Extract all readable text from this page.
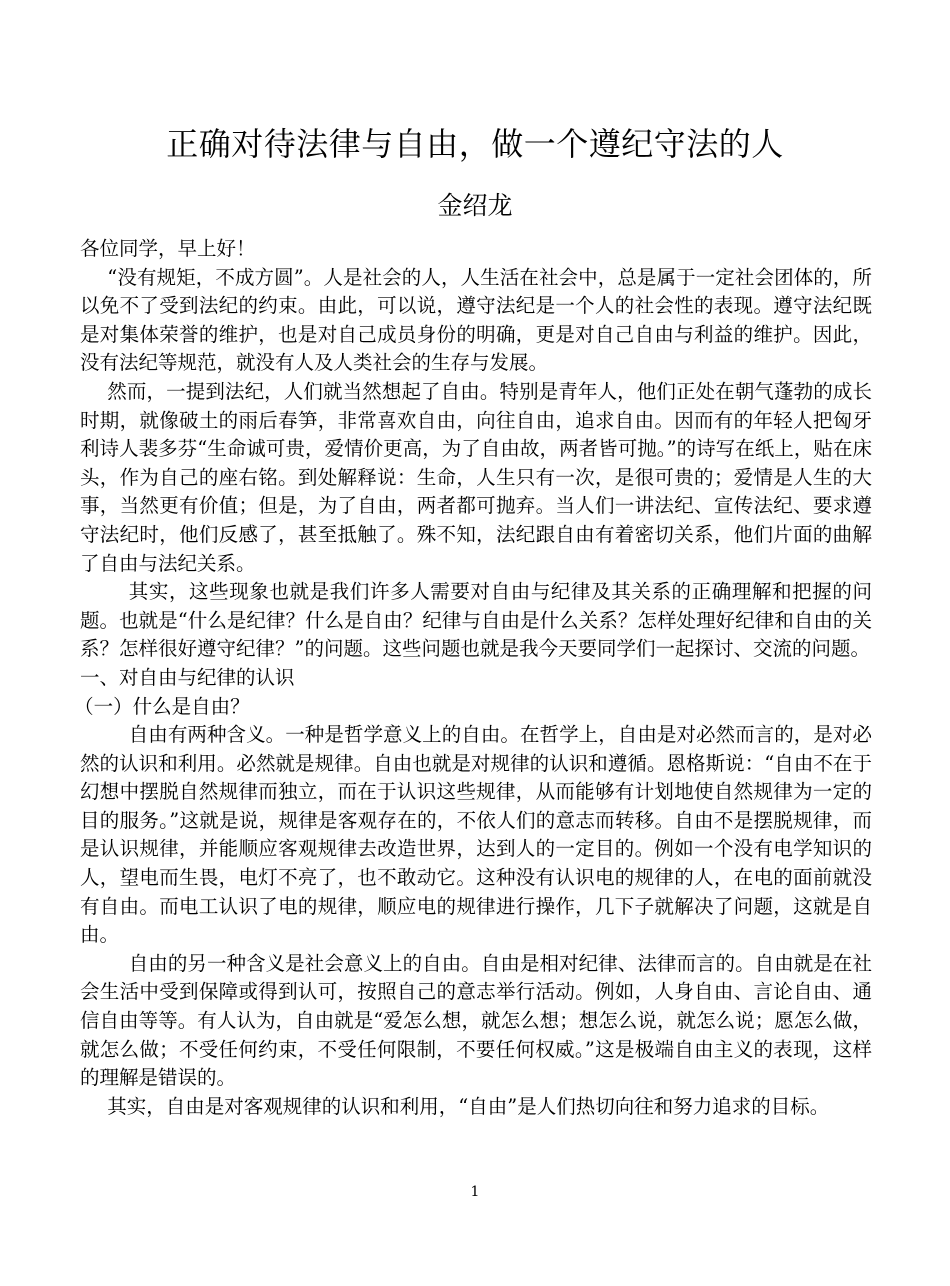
正确对待法律与自由，做一个遵纪守法的人
金绍龙

各位同学，早上好！

“没有规矩，不成方圆”。人是社会的人，人生活在社会中，总是属于一定社会团体的，所以免不了受到法纪的约束。由此，可以说，遵守法纪是一个人的社会性的表现。遵守法纪既是对集体荣誉的维护，也是对自己成员身份的明确，更是对自己自由与利益的维护。因此，没有法纪等规范，就没有人及人类社会的生存与发展。

然而，一提到法纪，人们就当然想起了自由。特别是青年人，他们正处在朝气蓬勃的成长时期，就像破土的雨后春笋，非常喜欢自由，向往自由，追求自由。因而有的年轻人把匈牙利诗人裴多芬“生命诚可贵，爱情价更高，为了自由故，两者皆可抛。”的诗写在纸上，贴在床头，作为自己的座右铭。到处解释说：生命，人生只有一次，是很可贵的；爱情是人生的大事，当然更有价值；但是，为了自由，两者都可抛弃。当人们一讲法纪、宣传法纪、要求遵守法纪时，他们反感了，甚至抵触了。殊不知，法纪跟自由有着密切关系，他们片面的曲解了自由与法纪关系。

其实，这些现象也就是我们许多人需要对自由与纪律及其关系的正确理解和把握的问题。也就是“什么是纪律？什么是自由？纪律与自由是什么关系？怎样处理好纪律和自由的关系？怎样很好遵守纪律？”的问题。这些问题也就是我今天要同学们一起探讨、交流的问题。

一、对自由与纪律的认识

（一）什么是自由？

自由有两种含义。一种是哲学意义上的自由。在哲学上，自由是对必然而言的，是对必然的认识和利用。必然就是规律。自由也就是对规律的认识和遵循。恩格斯说：“自由不在于幻想中摆脱自然规律而独立，而在于认识这些规律，从而能够有计划地使自然规律为一定的目的服务。”这就是说，规律是客观存在的，不依人们的意志而转移。自由不是摆脱规律，而是认识规律，并能顺应客观规律去改造世界，达到人的一定目的。例如一个没有电学知识的人，望电而生畏，电灯不亮了，也不敢动它。这种没有认识电的规律的人，在电的面前就没有自由。而电工认识了电的规律，顺应电的规律进行操作，几下子就解决了问题，这就是自由。

自由的另一种含义是社会意义上的自由。自由是相对纪律、法律而言的。自由就是在社会生活中受到保障或得到认可，按照自己的意志举行活动。例如，人身自由、言论自由、通信自由等等。有人认为，自由就是“爱怎么想，就怎么想；想怎么说，就怎么说；愿怎么做，就怎么做；不受任何约束，不受任何限制，不要任何权威。”这是极端自由主义的表现，这样的理解是错误的。

其实，自由是对客观规律的认识和利用，“自由”是人们热切向往和努力追求的目标。

1
